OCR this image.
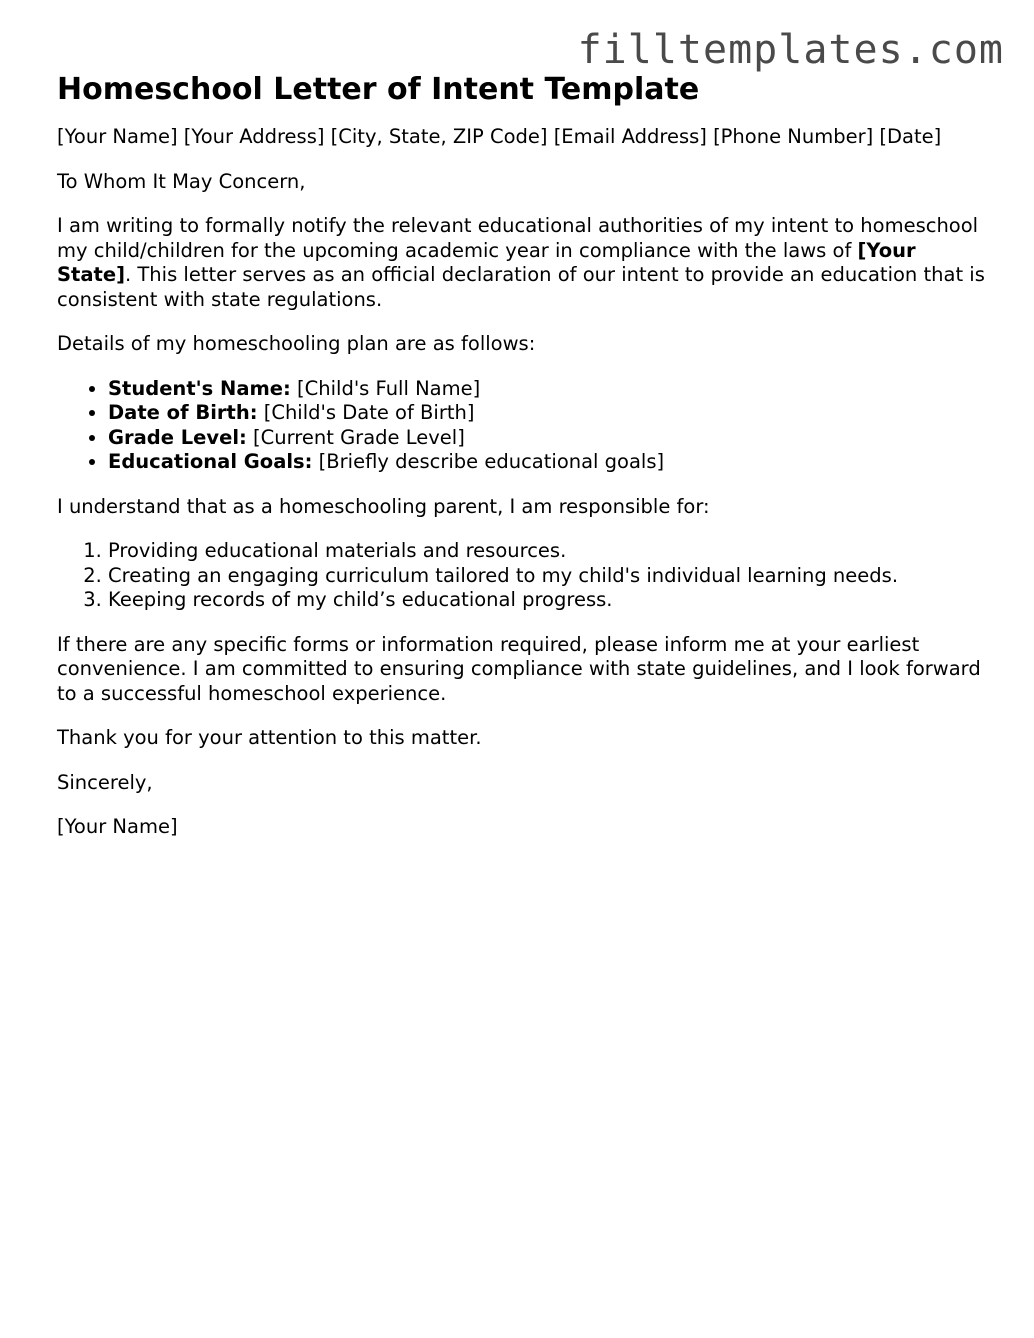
filltemplates.com
Homeschool Letter of Intent Template

[Your Name] [Your Address] [City, State, ZIP Code] [Email Address] [Phone Number] [Date]

To Whom It May Concern,

I am writing to formally notify the relevant educational authorities of my intent to homeschool my child/children for the upcoming academic year in compliance with the laws of [Your State]. This letter serves as an official declaration of our intent to provide an education that is consistent with state regulations.

Details of my homeschooling plan are as follows:

• Student's Name: [Child's Full Name]
• Date of Birth: [Child's Date of Birth]
• Grade Level: [Current Grade Level]
• Educational Goals: [Briefly describe educational goals]

I understand that as a homeschooling parent, I am responsible for:

1. Providing educational materials and resources.
2. Creating an engaging curriculum tailored to my child's individual learning needs.
3. Keeping records of my child’s educational progress.

If there are any specific forms or information required, please inform me at your earliest convenience. I am committed to ensuring compliance with state guidelines, and I look forward to a successful homeschool experience.

Thank you for your attention to this matter.

Sincerely,

[Your Name]
